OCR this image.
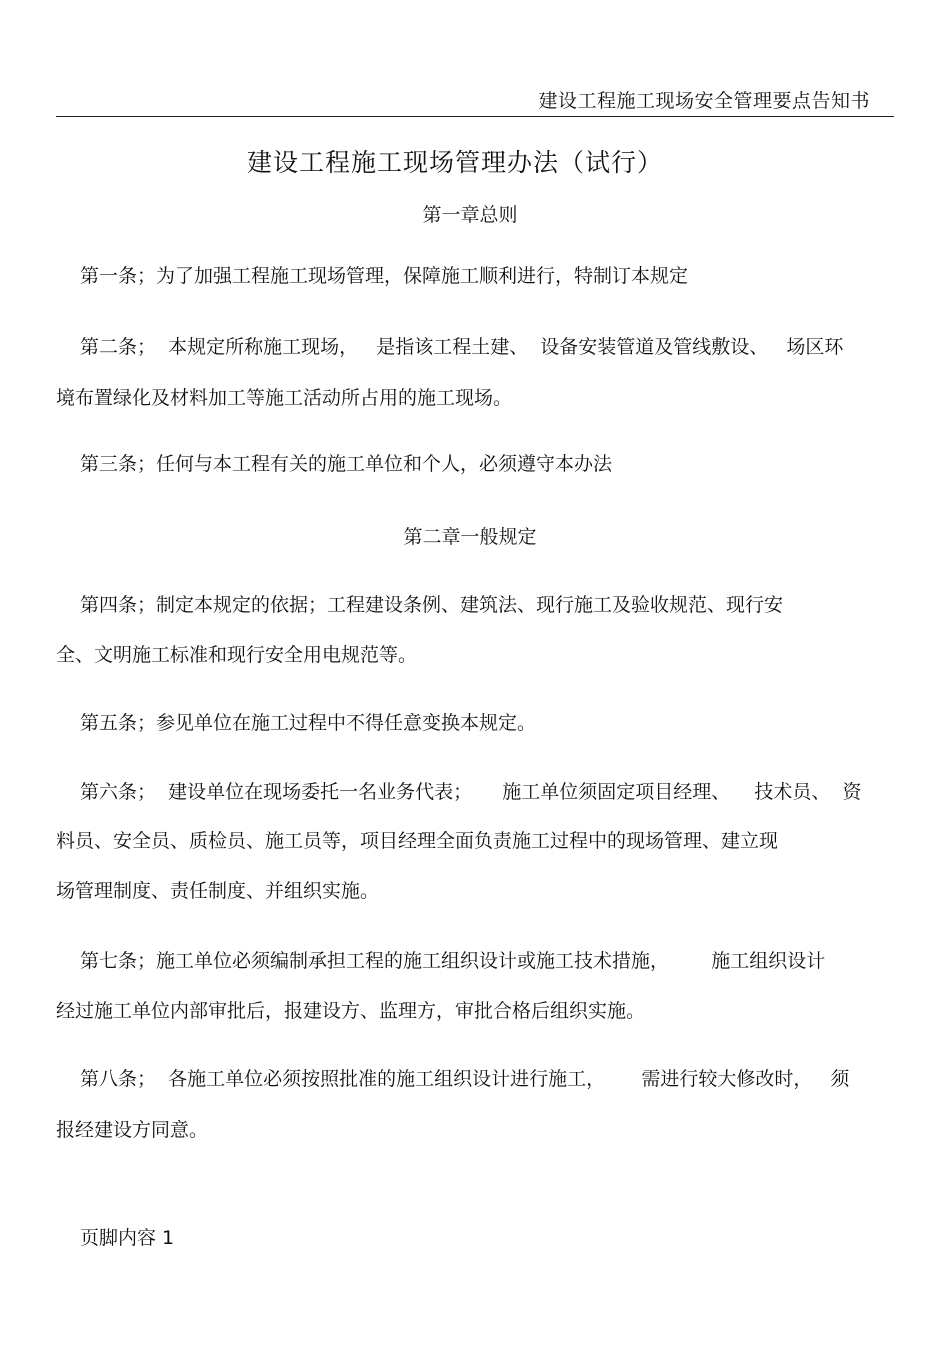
建设工程施工现场安全管理要点告知书
建设工程施工现场管理办法（试行）
第一章总则
第一条；为了加强工程施工现场管理，保障施工顺利进行，特制订本规定
第二条；  本规定所称施工现场，   是指该工程土建、  设备安装管道及管线敷设、   场区环
境布置绿化及材料加工等施工活动所占用的施工现场。
第三条；任何与本工程有关的施工单位和个人，必须遵守本办法
第二章一般规定
第四条；制定本规定的依据；工程建设条例、建筑法、现行施工及验收规范、现行安
全、文明施工标准和现行安全用电规范等。
第五条；参见单位在施工过程中不得任意变换本规定。
第六条；  建设单位在现场委托一名业务代表；     施工单位须固定项目经理、    技术员、  资
料员、安全员、质检员、施工员等，项目经理全面负责施工过程中的现场管理、建立现
场管理制度、责任制度、并组织实施。
第七条；施工单位必须编制承担工程的施工组织设计或施工技术措施，       施工组织设计
经过施工单位内部审批后，报建设方、监理方，审批合格后组织实施。
第八条；  各施工单位必须按照批准的施工组织设计进行施工，      需进行较大修改时，   须
报经建设方同意。
页脚内容 1
